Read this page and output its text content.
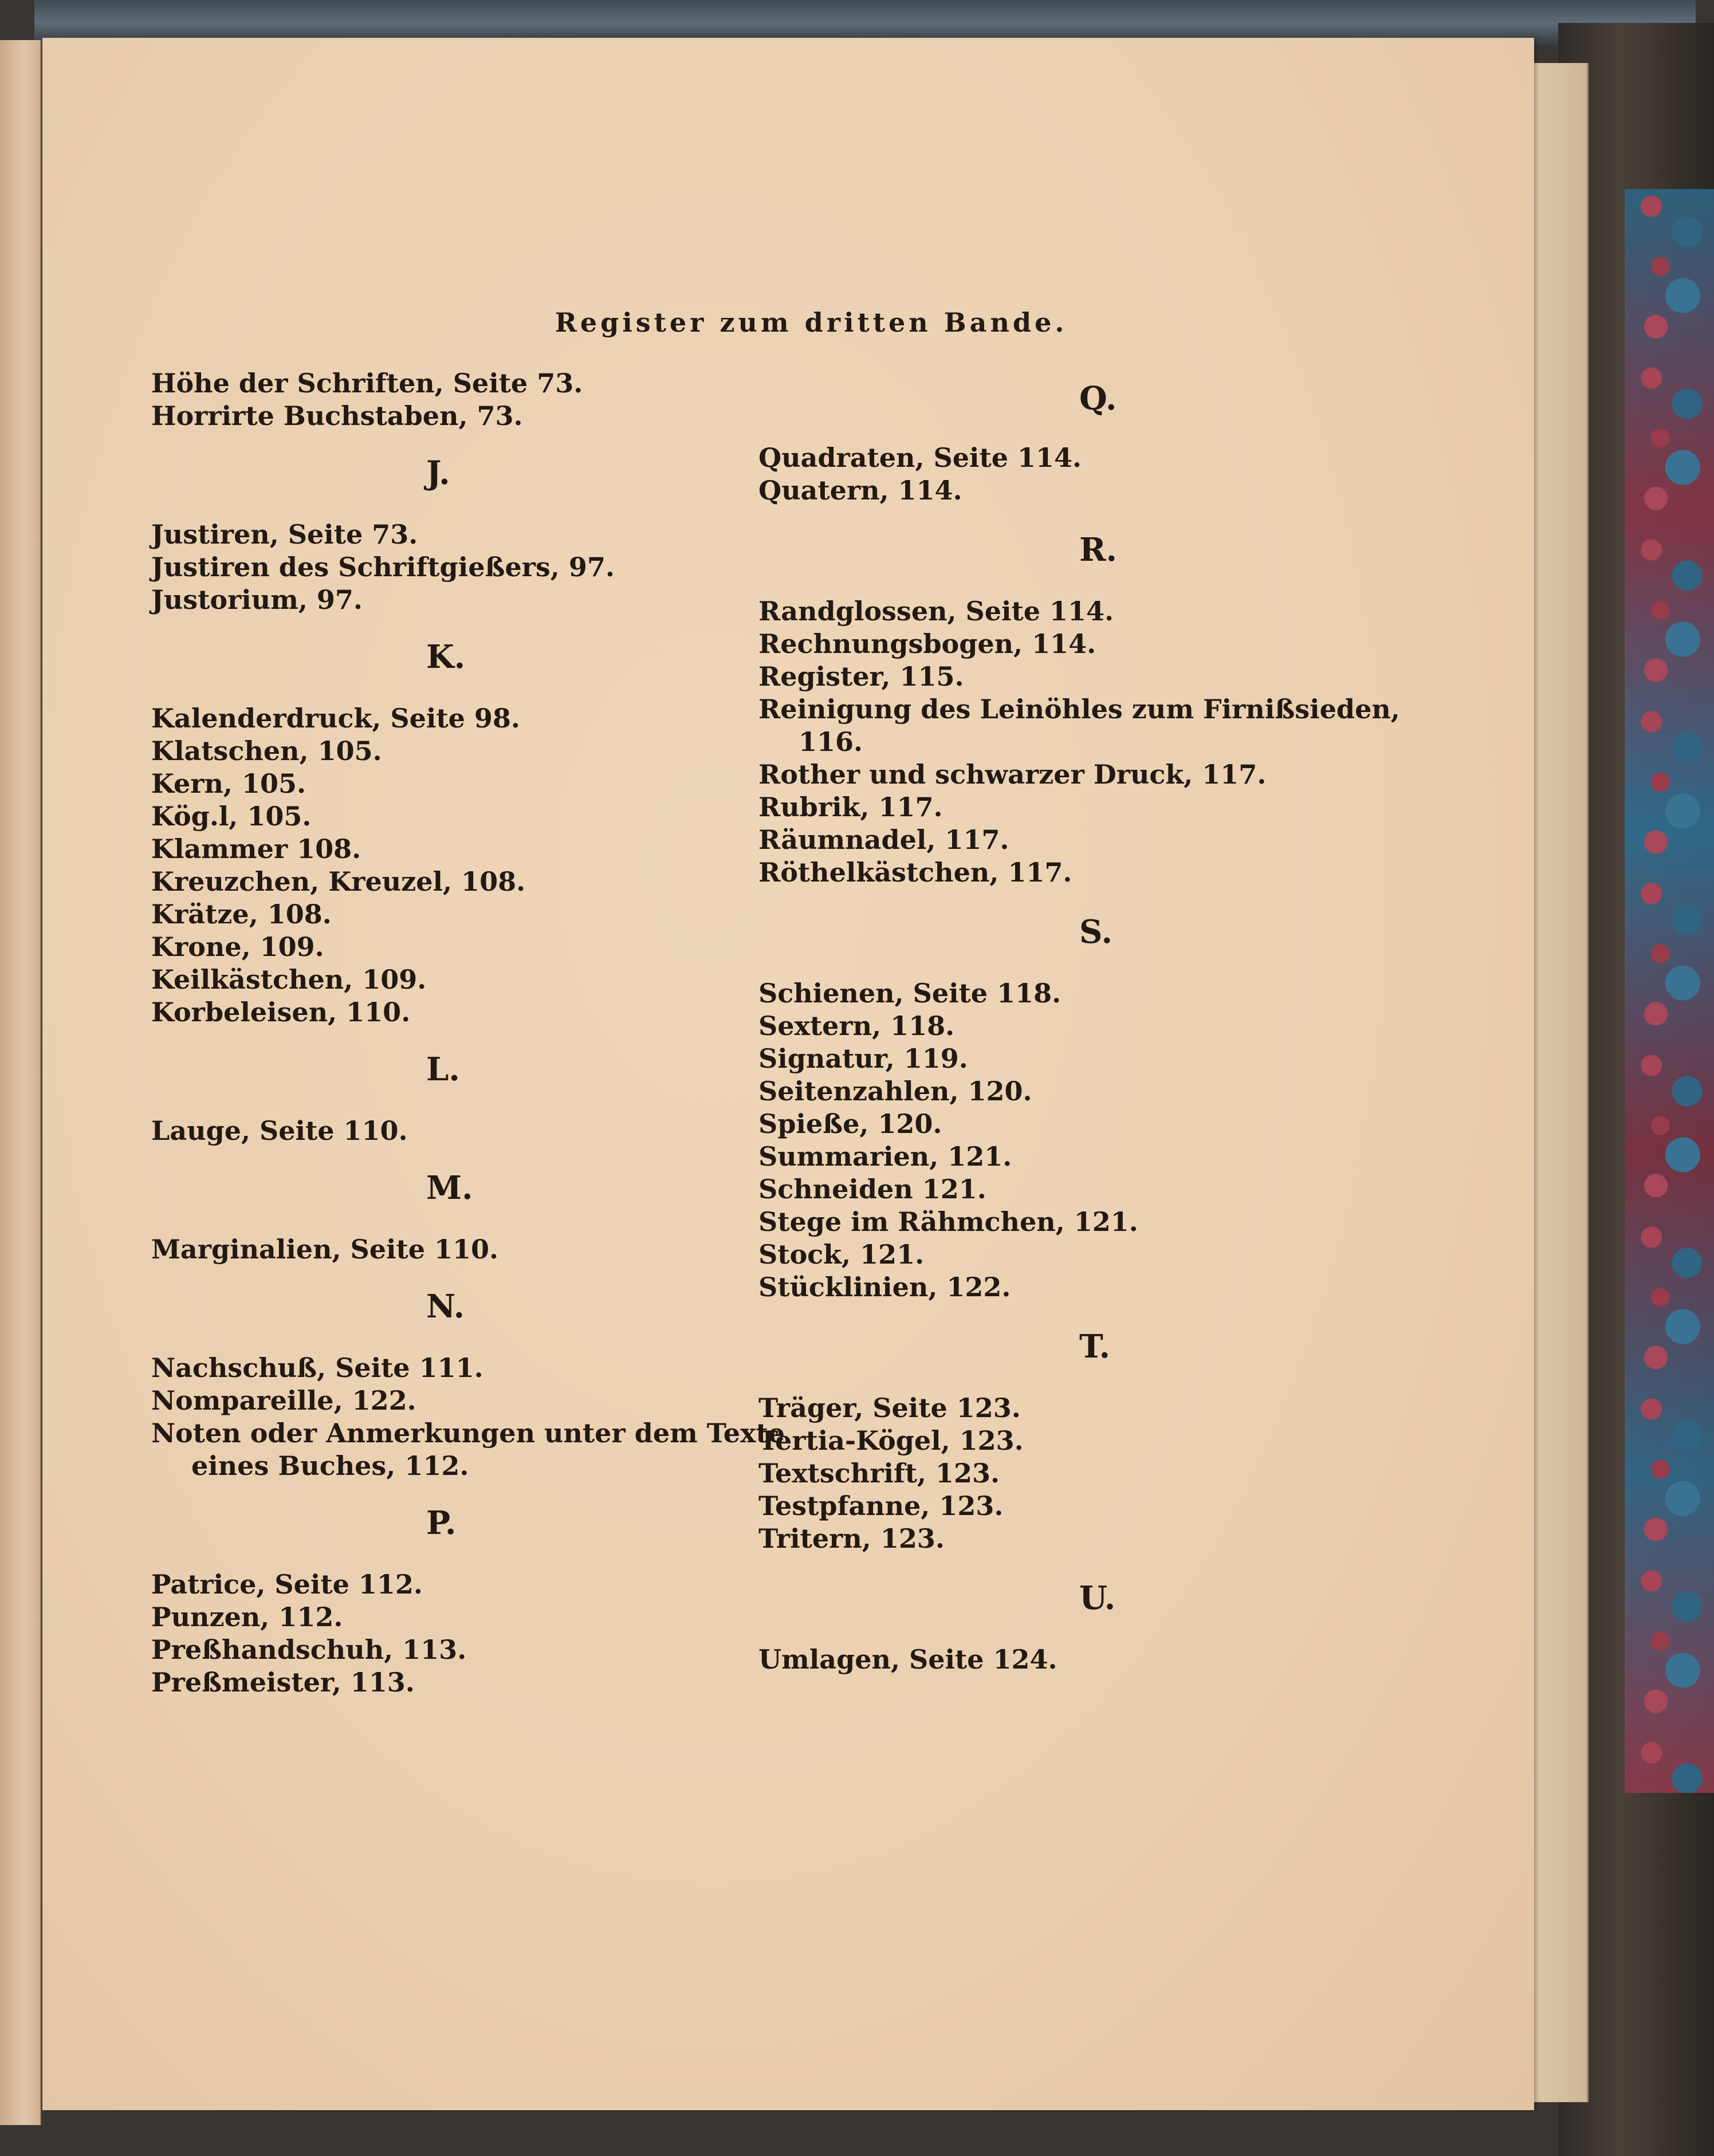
Register zum dritten Bande.
Höhe der Schriften, Seite 73.
Horrirte Buchstaben, 73.
J.
Justiren, Seite 73.
Justiren des Schriftgießers, 97.
Justorium, 97.
K.
Kalenderdruck, Seite 98.
Klatschen, 105.
Kern, 105.
Kög.l, 105.
Klammer 108.
Kreuzchen, Kreuzel, 108.
Krätze, 108.
Krone, 109.
Keilkästchen, 109.
Korbeleisen, 110.
L.
Lauge, Seite 110.
M.
Marginalien, Seite 110.
N.
Nachschuß, Seite 111.
Nompareille, 122.
Noten oder Anmerkungen unter dem Texte eines Buches, 112.
P.
Patrice, Seite 112.
Punzen, 112.
Preßhandschuh, 113.
Preßmeister, 113.
Q.
Quadraten, Seite 114.
Quatern, 114.
R.
Randglossen, Seite 114.
Rechnungsbogen, 114.
Register, 115.
Reinigung des Leinöhles zum Firnißsieden, 116.
Rother und schwarzer Druck, 117.
Rubrik, 117.
Räumnadel, 117.
Röthelkästchen, 117.
S.
Schienen, Seite 118.
Sextern, 118.
Signatur, 119.
Seitenzahlen, 120.
Spieße, 120.
Summarien, 121.
Schneiden 121.
Stege im Rähmchen, 121.
Stock, 121.
Stücklinien, 122.
T.
Träger, Seite 123.
Tertia-Kögel, 123.
Textschrift, 123.
Testpfanne, 123.
Tritern, 123.
U.
Umlagen, Seite 124.
